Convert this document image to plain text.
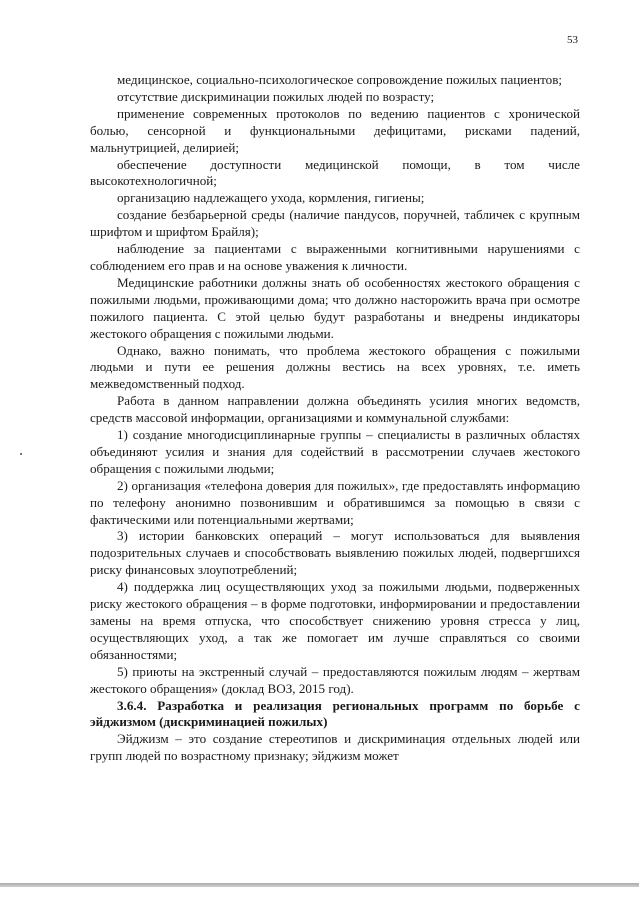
53

медицинское, социально-психологическое сопровождение пожилых пациентов;

отсутствие дискриминации пожилых людей по возрасту;

применение современных протоколов по ведению пациентов с хронической болью, сенсорной и функциональными дефицитами, рисками падений, мальнутрицией, делирией;

обеспечение доступности медицинской помощи, в том числе высокотехнологичной;

организацию надлежащего ухода, кормления, гигиены;

создание безбарьерной среды (наличие пандусов, поручней, табличек с крупным шрифтом и шрифтом Брайля);

наблюдение за пациентами с выраженными когнитивными нарушениями с соблюдением его прав и на основе уважения к личности.

Медицинские работники должны знать об особенностях жестокого обращения с пожилыми людьми, проживающими дома; что должно насторожить врача при осмотре пожилого пациента. С этой целью будут разработаны и внедрены индикаторы жестокого обращения с пожилыми людьми.

Однако, важно понимать, что проблема жестокого обращения с пожилыми людьми и пути ее решения должны вестись на всех уровнях, т.е. иметь межведомственный подход.

Работа в данном направлении должна объединять усилия многих ведомств, средств массовой информации, организациями и коммунальной службами:

1) создание многодисциплинарные группы – специалисты в различных областях объединяют усилия и знания для содействий в рассмотрении случаев жестокого обращения с пожилыми людьми;

2) организация «телефона доверия для пожилых», где предоставлять информацию по телефону анонимно позвонившим и обратившимся за помощью в связи с фактическими или потенциальными жертвами;

3) истории банковских операций – могут использоваться для выявления подозрительных случаев и способствовать выявлению пожилых людей, подвергшихся риску финансовых злоупотреблений;

4) поддержка лиц осуществляющих уход за пожилыми людьми, подверженных риску жестокого обращения – в форме подготовки, информировании и предоставлении замены на время отпуска, что способствует снижению уровня стресса у лиц, осуществляющих уход, а так же помогает им лучше справляться со своими обязанностями;

5) приюты на экстренный случай – предоставляются пожилым людям – жертвам жестокого обращения» (доклад ВОЗ, 2015 год).

3.6.4. Разработка и реализация региональных программ по борьбе с эйджизмом (дискриминацией пожилых)

Эйджизм – это создание стереотипов и дискриминация отдельных людей или групп людей по возрастному признаку; эйджизм может
